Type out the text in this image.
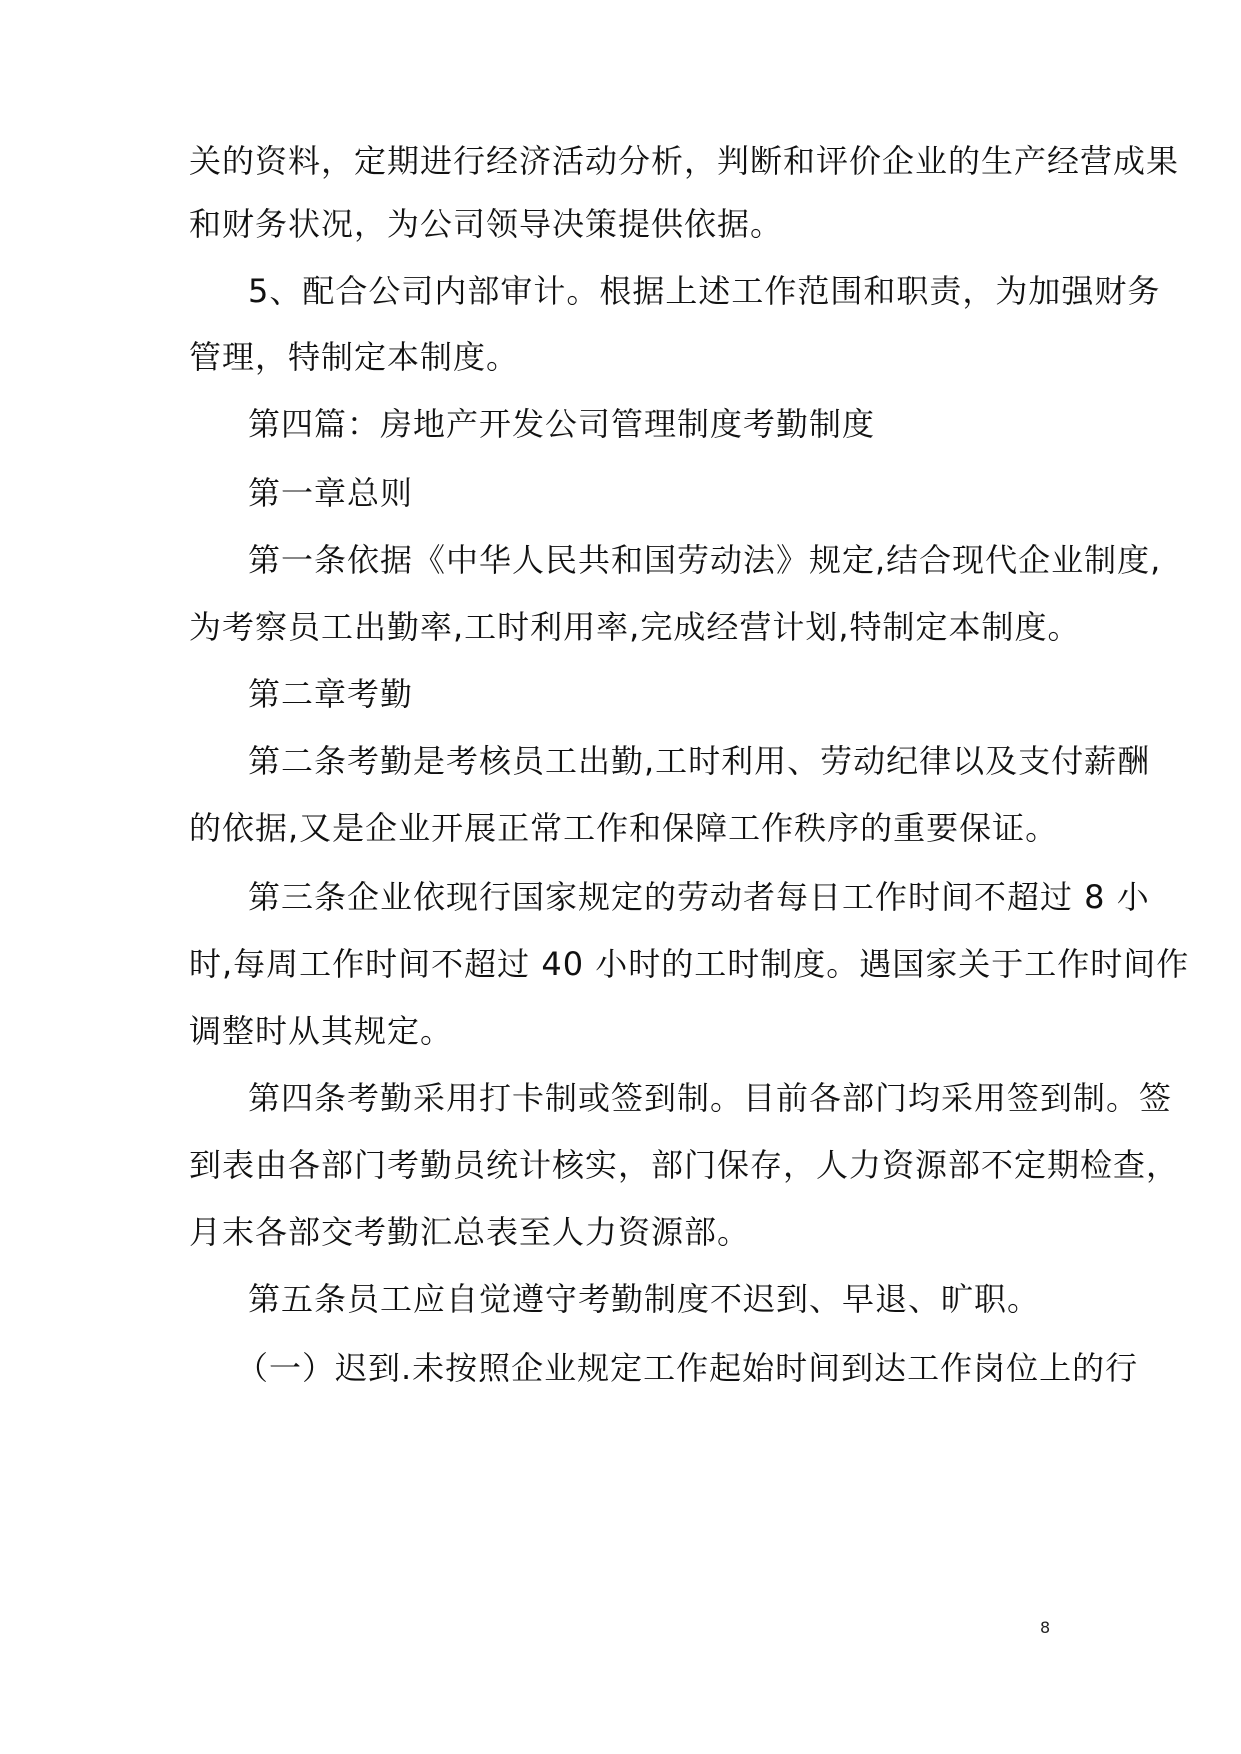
关的资料，定期进行经济活动分析，判断和评价企业的生产经营成果
和财务状况，为公司领导决策提供依据。
5、配合公司内部审计。根据上述工作范围和职责，为加强财务
管理，特制定本制度。
第四篇：房地产开发公司管理制度考勤制度
第一章总则
第一条依据《中华人民共和国劳动法》规定,结合现代企业制度,
为考察员工出勤率,工时利用率,完成经营计划,特制定本制度。
第二章考勤
第二条考勤是考核员工出勤,工时利用、劳动纪律以及支付薪酬
的依据,又是企业开展正常工作和保障工作秩序的重要保证。
第三条企业依现行国家规定的劳动者每日工作时间不超过 8 小
时,每周工作时间不超过 40 小时的工时制度。遇国家关于工作时间作
调整时从其规定。
第四条考勤采用打卡制或签到制。目前各部门均采用签到制。签
到表由各部门考勤员统计核实，部门保存，人力资源部不定期检查，
月末各部交考勤汇总表至人力资源部。
第五条员工应自觉遵守考勤制度不迟到、早退、旷职。
（一）迟到.未按照企业规定工作起始时间到达工作岗位上的行
8
